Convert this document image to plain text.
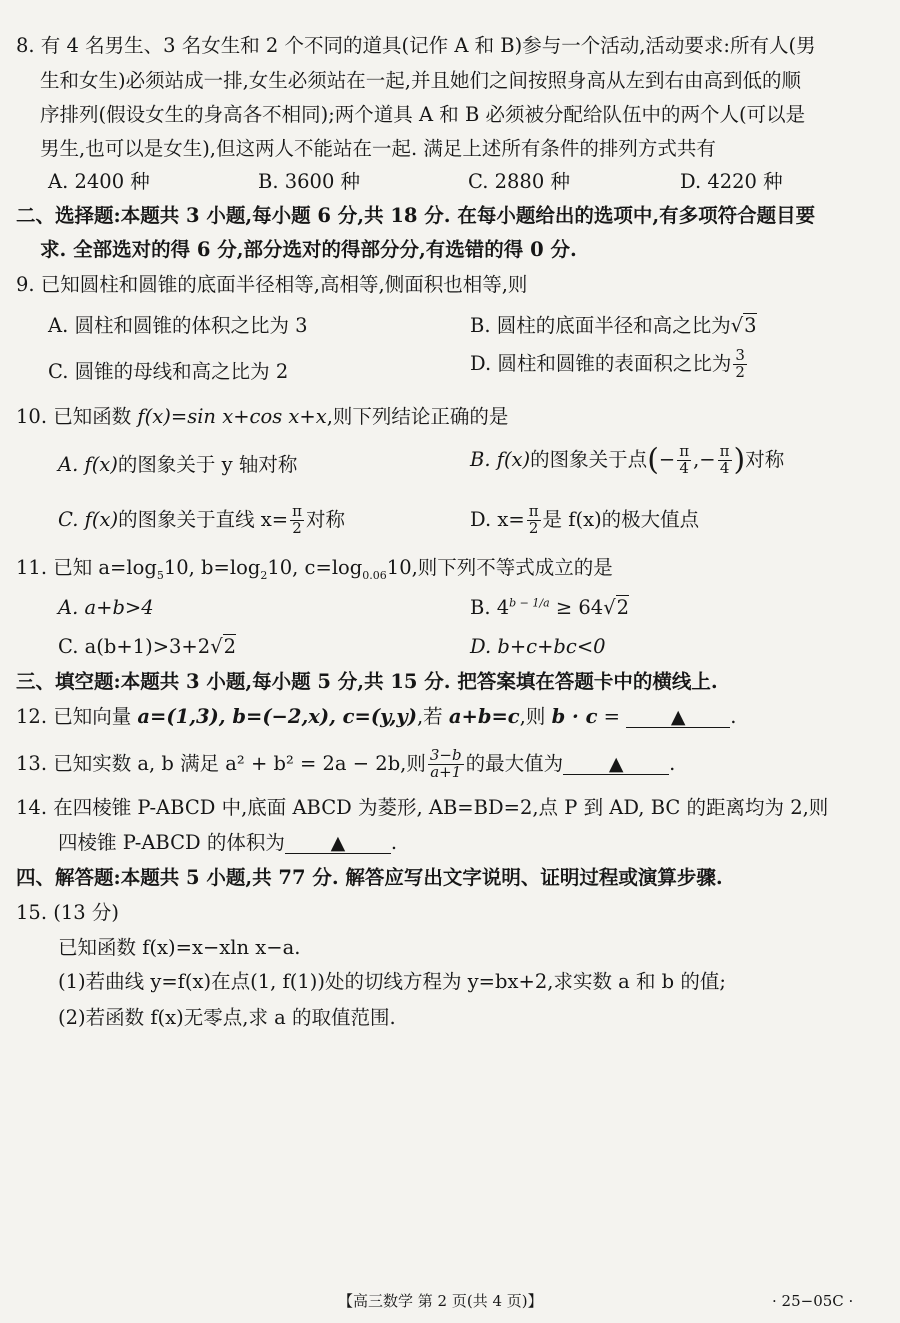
8. 有 4 名男生、3 名女生和 2 个不同的道具(记作 A 和 B)参与一个活动,活动要求:所有人(男
生和女生)必须站成一排,女生必须站在一起,并且她们之间按照身高从左到右由高到低的顺
序排列(假设女生的身高各不相同);两个道具 A 和 B 必须被分配给队伍中的两个人(可以是
男生,也可以是女生),但这两人不能站在一起. 满足上述所有条件的排列方式共有
A. 2400 种	B. 3600 种	C. 2880 种	D. 4220 种
二、选择题:本题共 3 小题,每小题 6 分,共 18 分. 在每小题给出的选项中,有多项符合题目要
求. 全部选对的得 6 分,部分选对的得部分分,有选错的得 0 分.
9. 已知圆柱和圆锥的底面半径相等,高相等,侧面积也相等,则
A. 圆柱和圆锥的体积之比为 3	B. 圆柱的底面半径和高之比为√3
C. 圆锥的母线和高之比为 2	D. 圆柱和圆锥的表面积之比为 $\frac{3}{2}$
10. 已知函数 f(x)=sin x+cos x+x,则下列结论正确的是
A. f(x)的图象关于 y 轴对称	B. f(x)的图象关于点(− $\frac{\pi}{4}$ ,− $\frac{\pi}{4}$ )对称
C. f(x)的图象关于直线 $x= \frac{\pi}{2}$ 对称	D. $x= \frac{\pi}{2}$ 是 f(x)的极大值点
11. 已知 $a=\log_510$, $b=\log_210$, $c=\log_{0.06}10$,则下列不等式成立的是
A. a+b>4	B. $4^{b - 1/a} \ge 64√2$
C. a(b+1)>3+2√2	D. b+c+bc<0
三、填空题:本题共 3 小题,每小题 5 分,共 15 分. 把答案填在答题卡中的横线上.
12. 已知向量 a=(1,3), b=(−2,x), c=(y,y),若 a+b=c,则 b · c = ▲ .
13. 已知实数 a, b 满足 a² + b² = 2a − 2b,则 $\frac{3-b}{a+1}$ 的最大值为 ▲ .
14. 在四棱锥 P-ABCD 中,底面 ABCD 为菱形, AB=BD=2,点 P 到 AD, BC 的距离均为 2,则
四棱锥 P-ABCD 的体积为 ▲ .
四、解答题:本题共 5 小题,共 77 分. 解答应写出文字说明、证明过程或演算步骤.
15. (13 分)
已知函数 f(x)=x−xln x−a.
(1)若曲线 y=f(x)在点(1, f(1))处的切线方程为 y=bx+2,求实数 a 和 b 的值;
(2)若函数 f(x)无零点,求 a 的取值范围.
【高三数学 第 2 页(共 4 页)】	· 25−05C ·
